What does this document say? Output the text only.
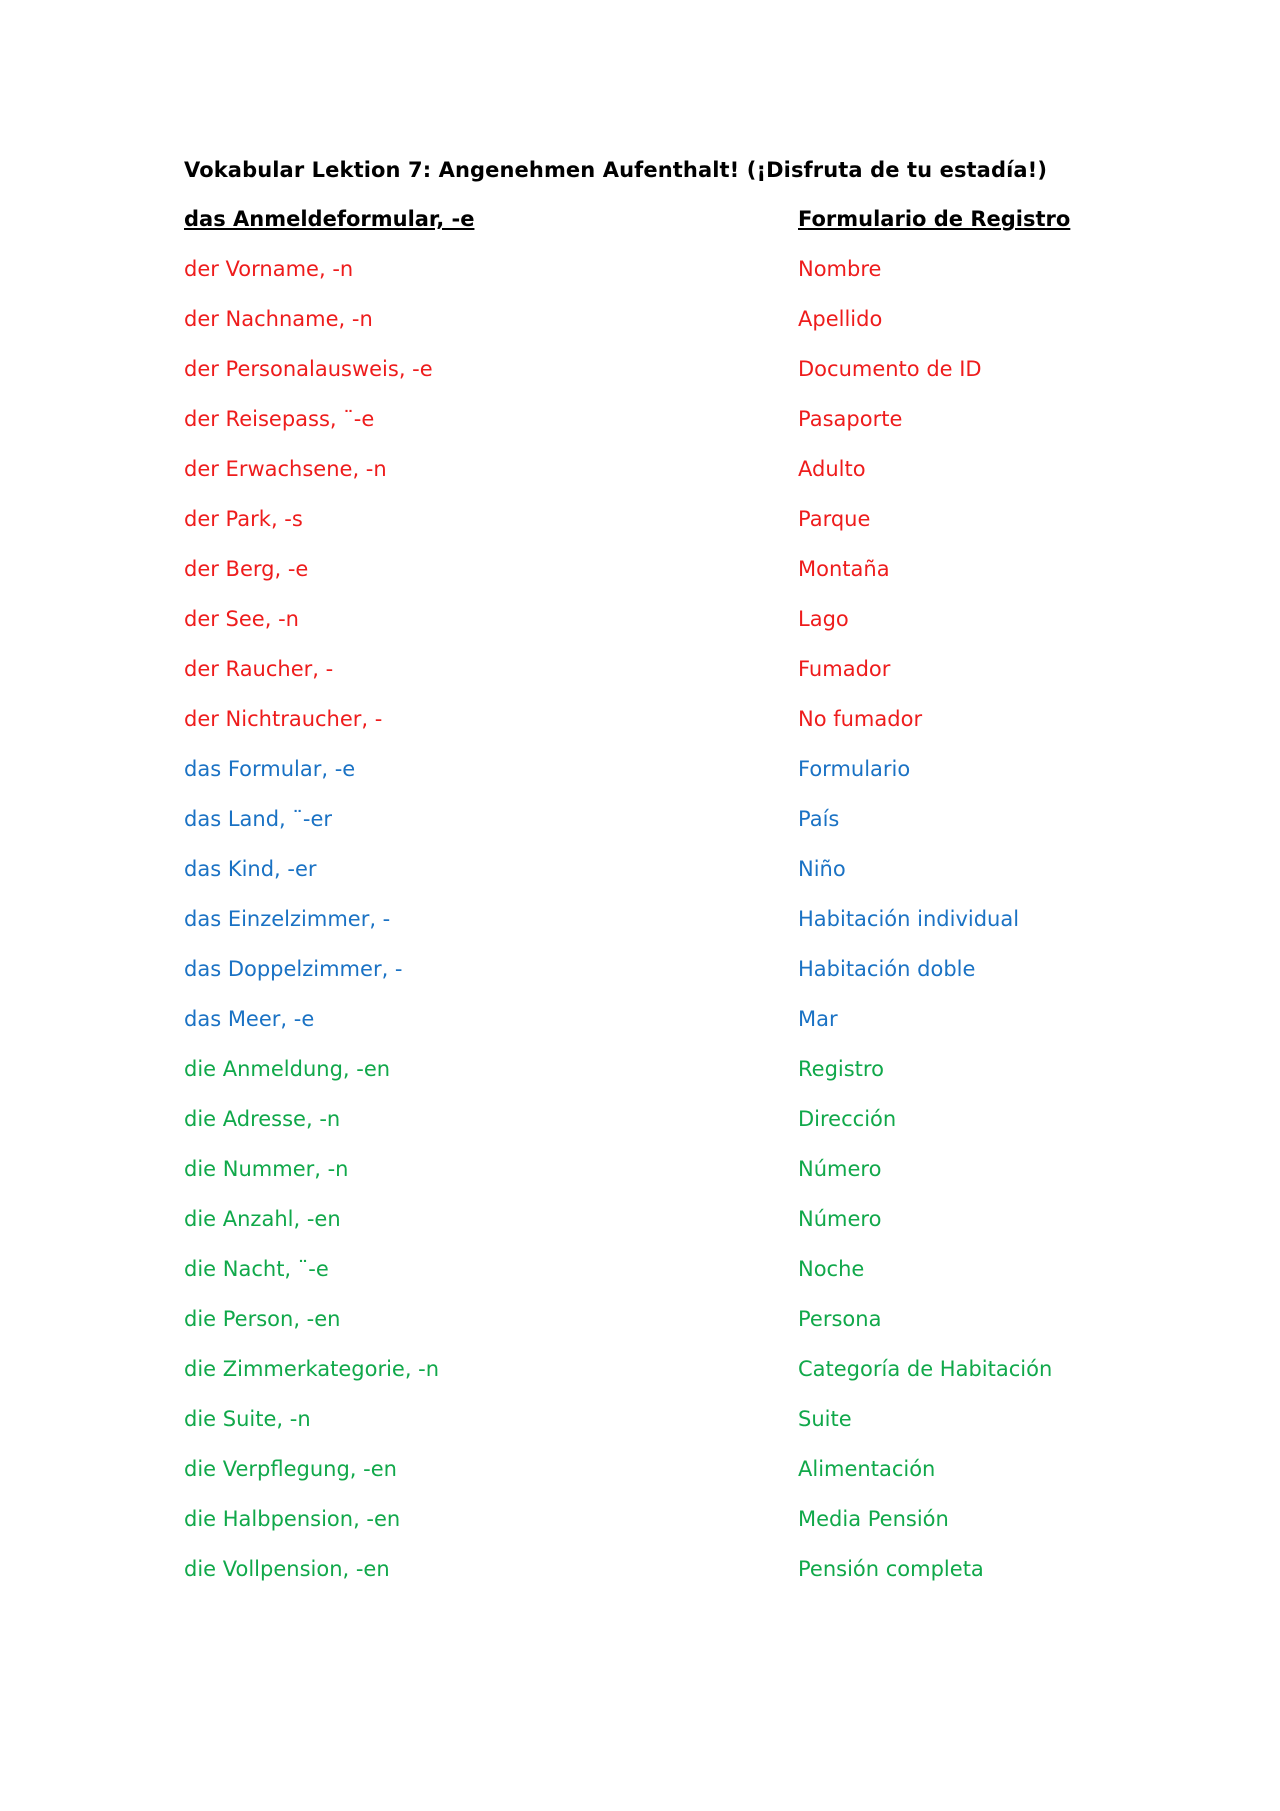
Vokabular Lektion 7: Angenehmen Aufenthalt! (¡Disfruta de tu estadía!)
das Anmeldeformular, -e	Formulario de Registro
der Vorname, -n	Nombre
der Nachname, -n	Apellido
der Personalausweis, -e	Documento de ID
der Reisepass, ¨-e	Pasaporte
der Erwachsene, -n	Adulto
der Park, -s	Parque
der Berg, -e	Montaña
der See, -n	Lago
der Raucher, -	Fumador
der Nichtraucher, -	No fumador
das Formular, -e	Formulario
das Land, ¨-er	País
das Kind, -er	Niño
das Einzelzimmer, -	Habitación individual
das Doppelzimmer, -	Habitación doble
das Meer, -e	Mar
die Anmeldung, -en	Registro
die Adresse, -n	Dirección
die Nummer, -n	Número
die Anzahl, -en	Número
die Nacht, ¨-e	Noche
die Person, -en	Persona
die Zimmerkategorie, -n	Categoría de Habitación
die Suite, -n	Suite
die Verpflegung, -en	Alimentación
die Halbpension, -en	Media Pensión
die Vollpension, -en	Pensión completa
